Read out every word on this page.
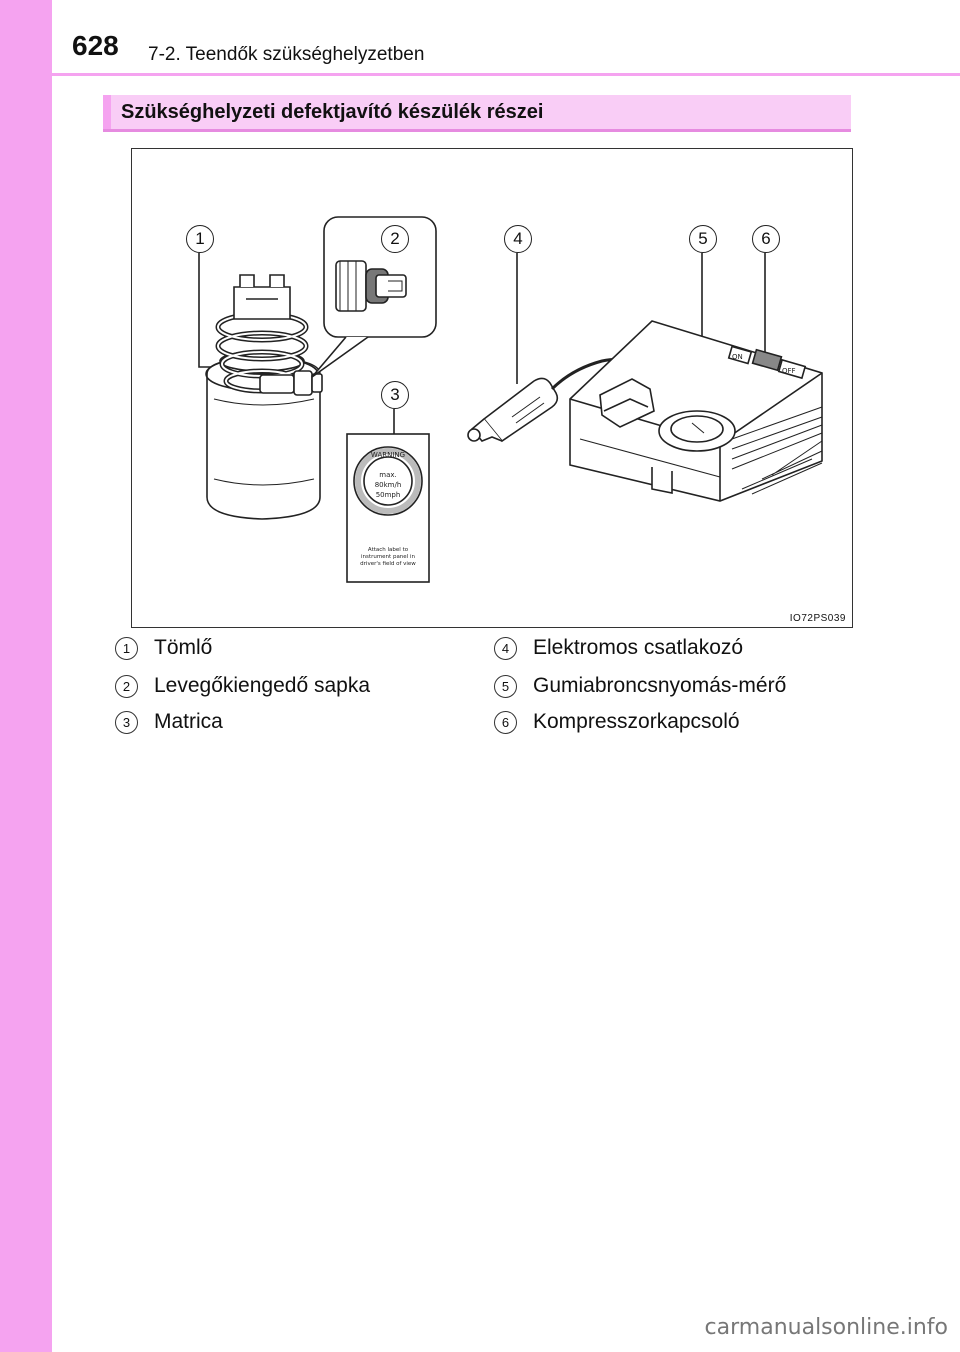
628 7-2. Teendők szükséghelyzetben
Szükséghelyzeti defektjavító készülék részei
WARNING
max.
80km/h
50mph
Attach label to
instrument panel in
driver's field of view
ON
OFF
1	2
3
4	5	6
IO72PS039
1	Tömlő
2	Levegőkiengedő sapka
3	Matrica
4	Elektromos csatlakozó
5	Gumiabroncsnyomás-mérő
6	Kompresszorkapcsoló
carmanualsonline.info
